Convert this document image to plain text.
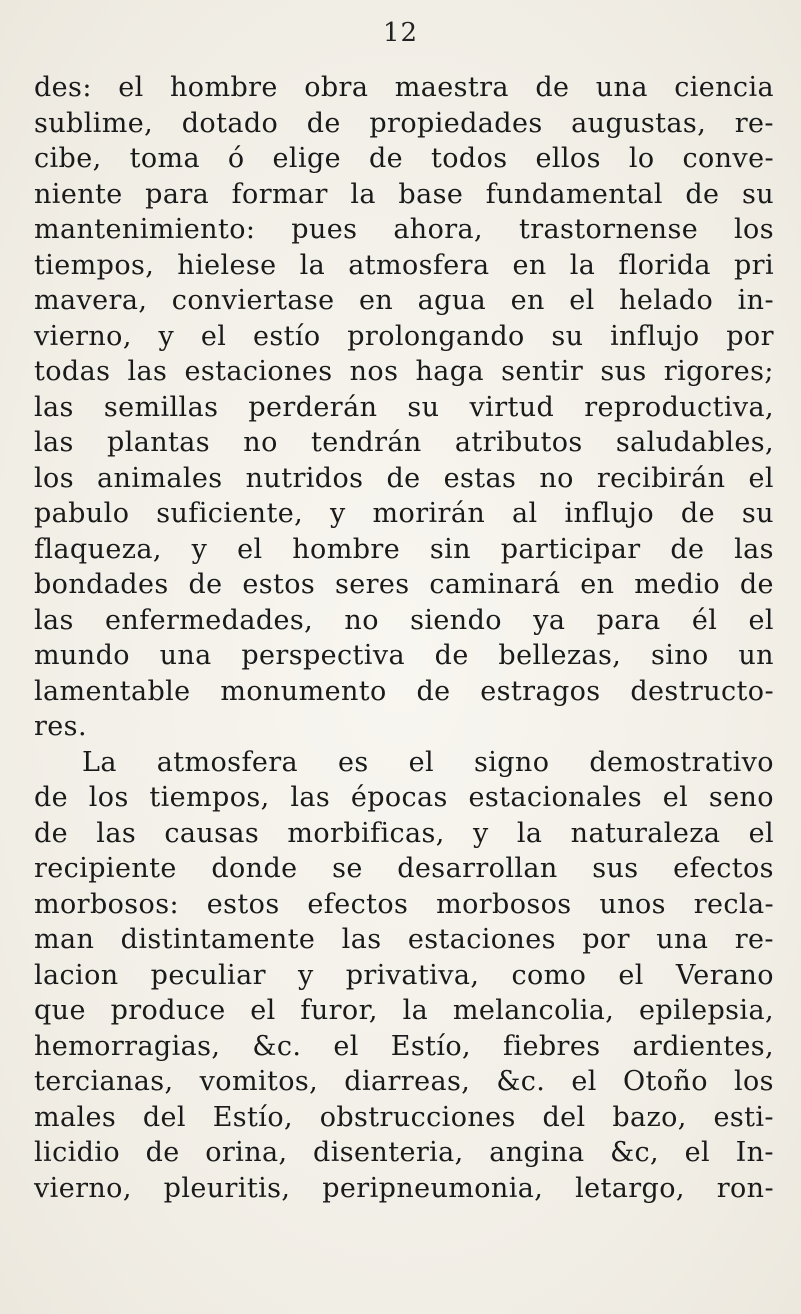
12
des: el hombre obra maestra de una ciencia
sublime, dotado de propiedades augustas, re-
cibe, toma ó elige de todos ellos lo conve-
niente para formar la base fundamental de su
mantenimiento: pues ahora, trastornense los
tiempos, hielese la atmosfera en la florida pri
mavera, conviertase en agua en el helado in-
vierno, y el estío prolongando su influjo por
todas las estaciones nos haga sentir sus rigores;
las semillas perderán su virtud reproductiva,
las plantas no tendrán atributos saludables,
los animales nutridos de estas no recibirán el
pabulo suficiente, y morirán al influjo de su
flaqueza, y el hombre sin participar de las
bondades de estos seres caminará en medio de
las enfermedades, no siendo ya para él el
mundo una perspectiva de bellezas, sino un
lamentable monumento de estragos destructo-
res.
La atmosfera es el signo demostrativo
de los tiempos, las épocas estacionales el seno
de las causas morbificas, y la naturaleza el
recipiente donde se desarrollan sus efectos
morbosos: estos efectos morbosos unos recla-
man distintamente las estaciones por una re-
lacion peculiar y privativa, como el Verano
que produce el furor, la melancolia, epilepsia,
hemorragias, &c. el Estío, fiebres ardientes,
tercianas, vomitos, diarreas, &c. el Otoño los
males del Estío, obstrucciones del bazo, esti-
licidio de orina, disenteria, angina &c, el In-
vierno, pleuritis, peripneumonia, letargo, ron-
